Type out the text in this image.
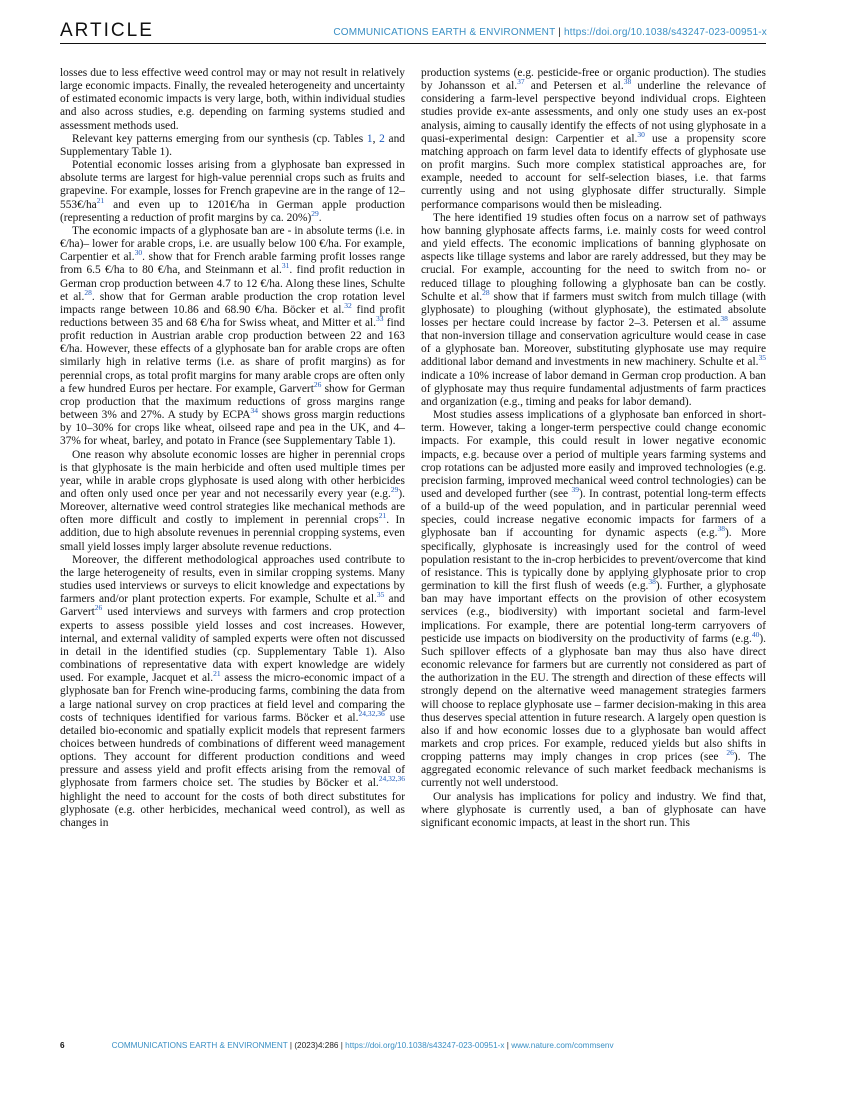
ARTICLE	COMMUNICATIONS EARTH & ENVIRONMENT | https://doi.org/10.1038/s43247-023-00951-x

losses due to less effective weed control may or may not result in relatively large economic impacts. Finally, the revealed heterogeneity and uncertainty of estimated economic impacts is very large, both, within individual studies and also across studies, e.g. depending on farming systems studied and assessment methods used.

Relevant key patterns emerging from our synthesis (cp. Tables 1, 2 and Supplementary Table 1).

Potential economic losses arising from a glyphosate ban expressed in absolute terms are largest for high-value perennial crops such as fruits and grapevine. For example, losses for French grapevine are in the range of $12-553€/ha^{21}$ and even up to 1201€/ha in German apple production (representing a reduction of profit margins by ca. 20%)$^{29}$.

The economic impacts of a glyphosate ban are - in absolute terms (i.e. in €/ha)– lower for arable crops, i.e. are usually below 100 €/ha. For example, Carpentier et al.$^{30}$. show that for French arable farming profit losses range from 6.5 €/ha to 80 €/ha, and Steinmann et al.$^{31}$. find profit reduction in German crop production between 4.7 to 12 €/ha. Along these lines, Schulte et al.$^{28}$. show that for German arable production the crop rotation level impacts range between 10.86 and 68.90 €/ha. Böcker et al.$^{32}$ find profit reductions between 35 and 68 €/ha for Swiss wheat, and Mitter et al.$^{33}$ find profit reduction in Austrian arable crop production between 22 and 163 €/ha. However, these effects of a glyphosate ban for arable crops are often similarly high in relative terms (i.e. as share of profit margins) as for perennial crops, as total profit margins for many arable crops are often only a few hundred Euros per hectare. For example, Garvert$^{26}$ show for German crop production that the maximum reductions of gross margins range between 3% and 27%. A study by ECPA$^{34}$ shows gross margin reductions by 10–30% for crops like wheat, oilseed rape and pea in the UK, and 4–37% for wheat, barley, and potato in France (see Supplementary Table 1).

One reason why absolute economic losses are higher in perennial crops is that glyphosate is the main herbicide and often used multiple times per year, while in arable crops glyphosate is used along with other herbicides and often only used once per year and not necessarily every year (e.g.$^{29}$). Moreover, alternative weed control strategies like mechanical methods are often more difficult and costly to implement in perennial crops$^{21}$. In addition, due to high absolute revenues in perennial cropping systems, even small yield losses imply larger absolute revenue reductions.

Moreover, the different methodological approaches used contribute to the large heterogeneity of results, even in similar cropping systems. Many studies used interviews or surveys to elicit knowledge and expectations by farmers and/or plant protection experts. For example, Schulte et al.$^{35}$ and Garvert$^{26}$ used interviews and surveys with farmers and crop protection experts to assess possible yield losses and cost increases. However, internal, and external validity of sampled experts were often not discussed in detail in the identified studies (cp. Supplementary Table 1). Also combinations of representative data with expert knowledge are widely used. For example, Jacquet et al.$^{21}$ assess the micro-economic impact of a glyphosate ban for French wine-producing farms, combining the data from a large national survey on crop practices at field level and comparing the costs of techniques identified for various farms. Böcker et al.$^{24,32,36}$ use detailed bio-economic and spatially explicit models that represent farmers choices between hundreds of combinations of different weed management options. They account for different production conditions and weed pressure and assess yield and profit effects arising from the removal of glyphosate from farmers choice set. The studies by Böcker et al.$^{24,32,36}$ highlight the need to account for the costs of both direct substitutes for glyphosate (e.g. other herbicides, mechanical weed control), as well as changes in

production systems (e.g. pesticide-free or organic production). The studies by Johansson et al.$^{37}$ and Petersen et al.$^{38}$ underline the relevance of considering a farm-level perspective beyond individual crops. Eighteen studies provide ex-ante assessments, and only one study uses an ex-post analysis, aiming to causally identify the effects of not using glyphosate in a quasi-experimental design: Carpentier et al.$^{30}$ use a propensity score matching approach on farm level data to identify effects of glyphosate use on profit margins. Such more complex statistical approaches are, for example, needed to account for self-selection biases, i.e. that farms currently using and not using glyphosate differ structurally. Simple performance comparisons would then be misleading.

The here identified 19 studies often focus on a narrow set of pathways how banning glyphosate affects farms, i.e. mainly costs for weed control and yield effects. The economic implications of banning glyphosate on aspects like tillage systems and labor are rarely addressed, but they may be crucial. For example, accounting for the need to switch from no- or reduced tillage to ploughing following a glyphosate ban can be costly. Schulte et al.$^{28}$ show that if farmers must switch from mulch tillage (with glyphosate) to ploughing (without glyphosate), the estimated absolute losses per hectare could increase by factor 2–3. Petersen et al.$^{38}$ assume that non-inversion tillage and conservation agriculture would cease in case of a glyphosate ban. Moreover, substituting glyphosate use may require additional labor demand and investments in new machinery. Schulte et al.$^{35}$ indicate a 10% increase of labor demand in German crop production. A ban of glyphosate may thus require fundamental adjustments of farm practices and organization (e.g., timing and peaks for labor demand).

Most studies assess implications of a glyphosate ban enforced in short-term. However, taking a longer-term perspective could change economic impacts. For example, this could result in lower negative economic impacts, e.g. because over a period of multiple years farming systems and crop rotations can be adjusted more easily and improved technologies (e.g. precision farming, improved mechanical weed control technologies) can be used and developed further (see $^{39}$). In contrast, potential long-term effects of a build-up of the weed population, and in particular perennial weed species, could increase negative economic impacts for farmers of a glyphosate ban if accounting for dynamic aspects (e.g.$^{38}$). More specifically, glyphosate is increasingly used for the control of weed population resistant to the in-crop herbicides to prevent/overcome that kind of resistance. This is typically done by applying glyphosate prior to crop germination to kill the first flush of weeds (e.g.$^{38}$). Further, a glyphosate ban may have important effects on the provision of other ecosystem services (e.g., biodiversity) with important societal and farm-level implications. For example, there are potential long-term carryovers of pesticide use impacts on biodiversity on the productivity of farms (e.g.$^{40}$). Such spillover effects of a glyphosate ban may thus also have direct economic relevance for farmers but are currently not considered as part of the authorization in the EU. The strength and direction of these effects will strongly depend on the alternative weed management strategies farmers will choose to replace glyphosate use – farmer decision-making in this area thus deserves special attention in future research. A largely open question is also if and how economic losses due to a glyphosate ban would affect markets and crop prices. For example, reduced yields but also shifts in cropping patterns may imply changes in crop prices (see $^{26}$). The aggregated economic relevance of such market feedback mechanisms is currently not well understood.

Our analysis has implications for policy and industry. We find that, where glyphosate is currently used, a ban of glyphosate can have significant economic impacts, at least in the short run. This

6	COMMUNICATIONS EARTH & ENVIRONMENT | (2023)4:286 | https://doi.org/10.1038/s43247-023-00951-x | www.nature.com/commsenv
